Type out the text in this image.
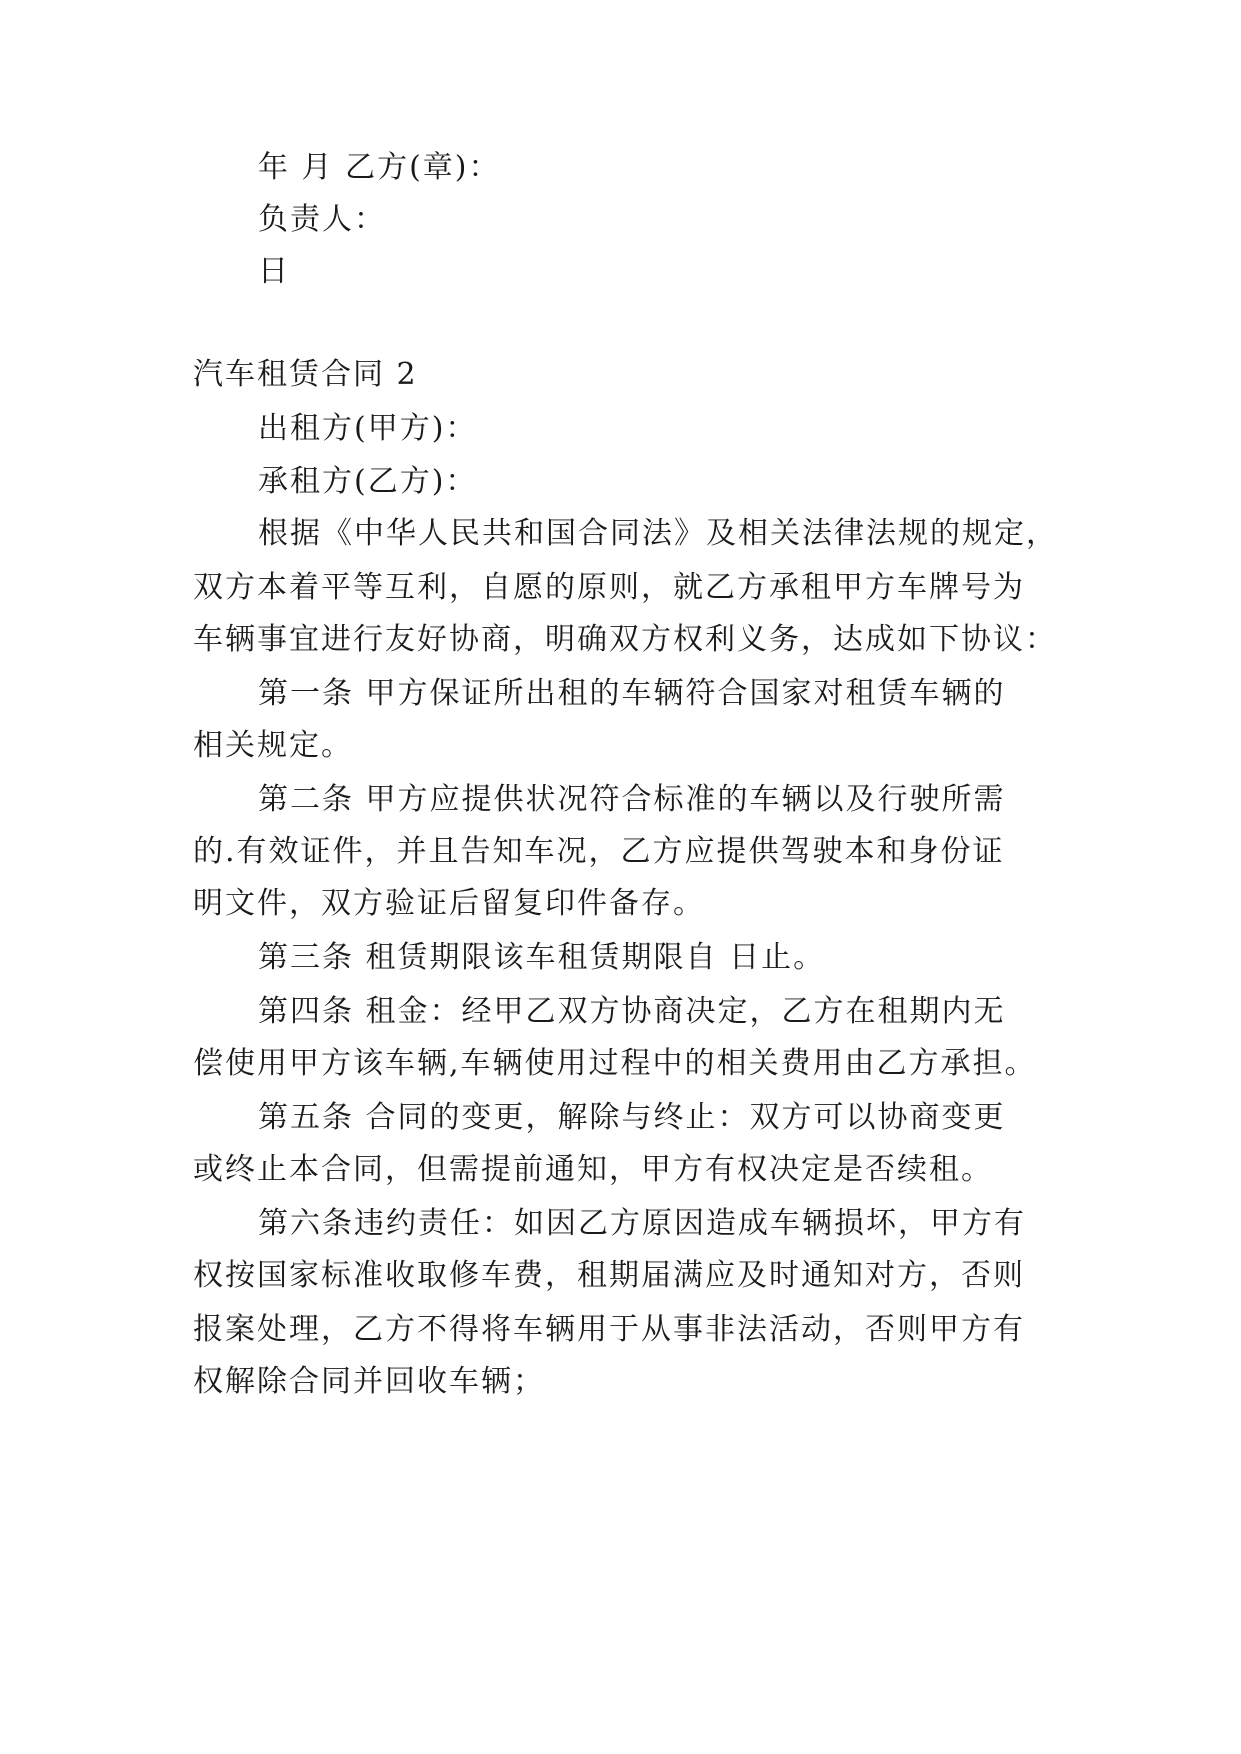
年 月 乙方(章)：
负责人：
日
汽车租赁合同 2
出租方(甲方)：
承租方(乙方)：
根据《中华人民共和国合同法》及相关法律法规的规定，
双方本着平等互利，自愿的原则，就乙方承租甲方车牌号为
车辆事宜进行友好协商，明确双方权利义务，达成如下协议：
第一条 甲方保证所出租的车辆符合国家对租赁车辆的
相关规定。
第二条 甲方应提供状况符合标准的车辆以及行驶所需
的.有效证件，并且告知车况，乙方应提供驾驶本和身份证
明文件，双方验证后留复印件备存。
第三条 租赁期限该车租赁期限自 日止。
第四条 租金：经甲乙双方协商决定，乙方在租期内无
偿使用甲方该车辆,车辆使用过程中的相关费用由乙方承担。
第五条 合同的变更，解除与终止：双方可以协商变更
或终止本合同，但需提前通知，甲方有权决定是否续租。
第六条违约责任：如因乙方原因造成车辆损坏，甲方有
权按国家标准收取修车费，租期届满应及时通知对方，否则
报案处理，乙方不得将车辆用于从事非法活动，否则甲方有
权解除合同并回收车辆；
